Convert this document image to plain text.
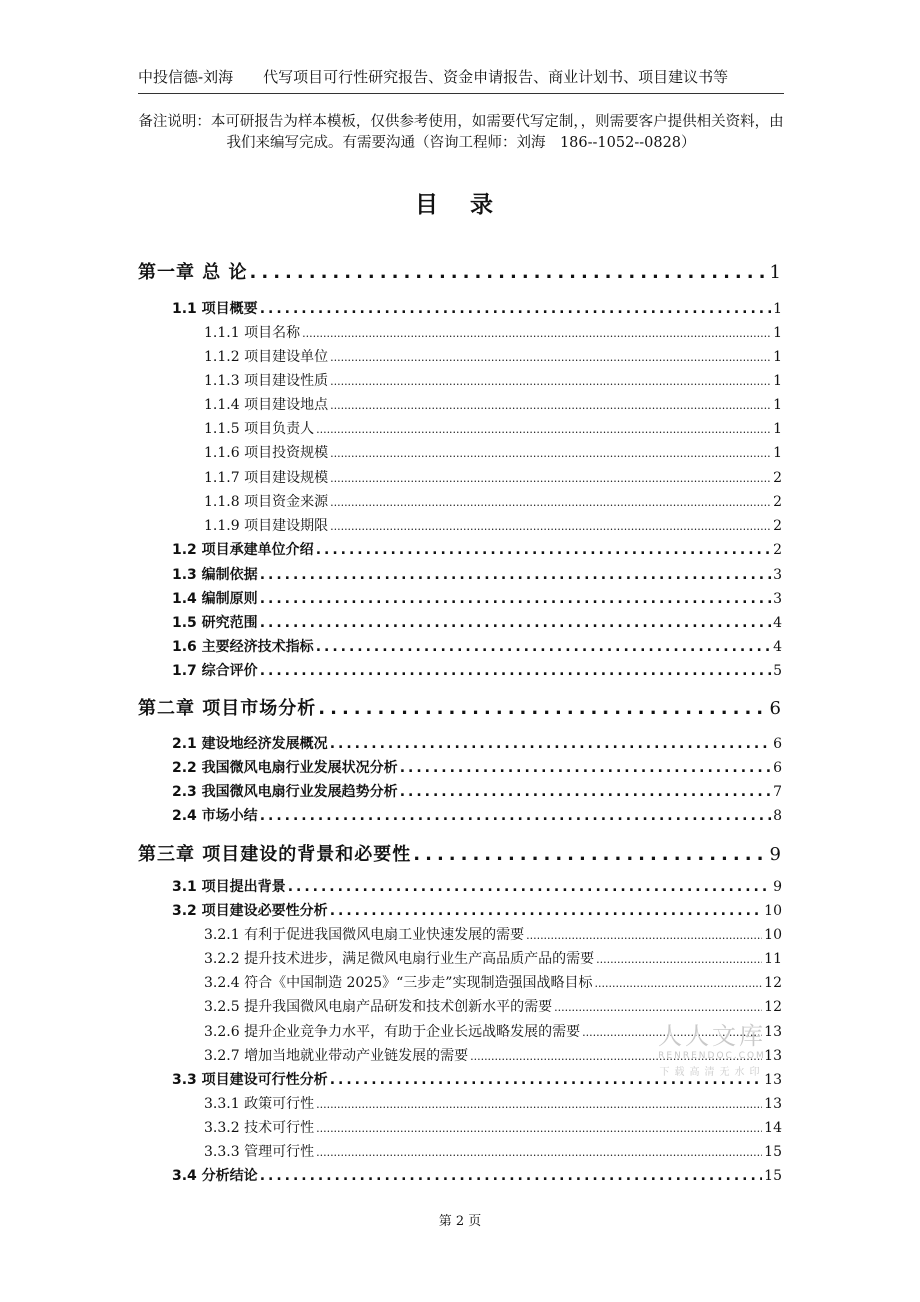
中投信德-刘海 代写项目可行性研究报告、资金申请报告、商业计划书、项目建议书等
备注说明：本可研报告为样本模板，仅供参考使用，如需要代写定制，，则需要客户提供相关资料，由我们来编写完成。有需要沟通（咨询工程师：刘海　186--1052--0828）
目 录
第一章 总 论 .....	1
1.1 项目概要 .....	1
1.1.1 项目名称 .....	1
1.1.2 项目建设单位 .....	1
1.1.3 项目建设性质 .....	1
1.1.4 项目建设地点 .....	1
1.1.5 项目负责人 .....	1
1.1.6 项目投资规模 .....	1
1.1.7 项目建设规模 .....	2
1.1.8 项目资金来源 .....	2
1.1.9 项目建设期限 .....	2
1.2 项目承建单位介绍 .....	2
1.3 编制依据 .....	3
1.4 编制原则 .....	3
1.5 研究范围 .....	4
1.6 主要经济技术指标 .....	4
1.7 综合评价 .....	5
第二章 项目市场分析 .....	6
2.1 建设地经济发展概况 .....	6
2.2 我国微风电扇行业发展状况分析 .....	6
2.3 我国微风电扇行业发展趋势分析 .....	7
2.4 市场小结 .....	8
第三章 项目建设的背景和必要性 .....	9
3.1 项目提出背景 .....	9
3.2 项目建设必要性分析 .....	10
3.2.1 有利于促进我国微风电扇工业快速发展的需要 .....	10
3.2.2 提升技术进步，满足微风电扇行业生产高品质产品的需要 .....	11
3.2.4 符合《中国制造 2025》“三步走”实现制造强国战略目标 .....	12
3.2.5 提升我国微风电扇产品研发和技术创新水平的需要 .....	12
3.2.6 提升企业竞争力水平，有助于企业长远战略发展的需要 .....	13
3.2.7 增加当地就业带动产业链发展的需要 .....	13
3.3 项目建设可行性分析 .....	13
3.3.1 政策可行性 .....	13
3.3.2 技术可行性 .....	14
3.3.3 管理可行性 .....	15
3.4 分析结论 .....	15
第 2 页
人人文库
RENRENDOC.COM
下载高清无水印
